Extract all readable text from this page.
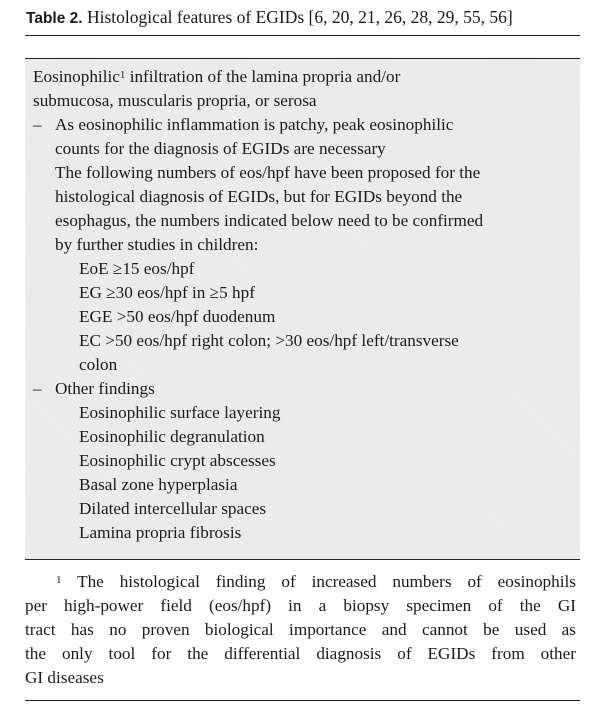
Table 2. Histological features of EGIDs [6, 20, 21, 26, 28, 29, 55, 56]
Eosinophilic$^1$ infiltration of the lamina propria and/or
submucosa, muscularis propria, or serosa
– As eosinophilic inflammation is patchy, peak eosinophilic
counts for the diagnosis of EGIDs are necessary
The following numbers of eos/hpf have been proposed for the
histological diagnosis of EGIDs, but for EGIDs beyond the
esophagus, the numbers indicated below need to be confirmed
by further studies in children:
EoE ≥15 eos/hpf
EG ≥30 eos/hpf in ≥5 hpf
EGE >50 eos/hpf duodenum
EC >50 eos/hpf right colon; >30 eos/hpf left/transverse
colon
– Other findings
Eosinophilic surface layering
Eosinophilic degranulation
Eosinophilic crypt abscesses
Basal zone hyperplasia
Dilated intercellular spaces
Lamina propria fibrosis
$^1$ The histological finding of increased numbers of eosinophils
per high-power field (eos/hpf) in a biopsy specimen of the GI
tract has no proven biological importance and cannot be used as
the only tool for the differential diagnosis of EGIDs from other
GI diseases
